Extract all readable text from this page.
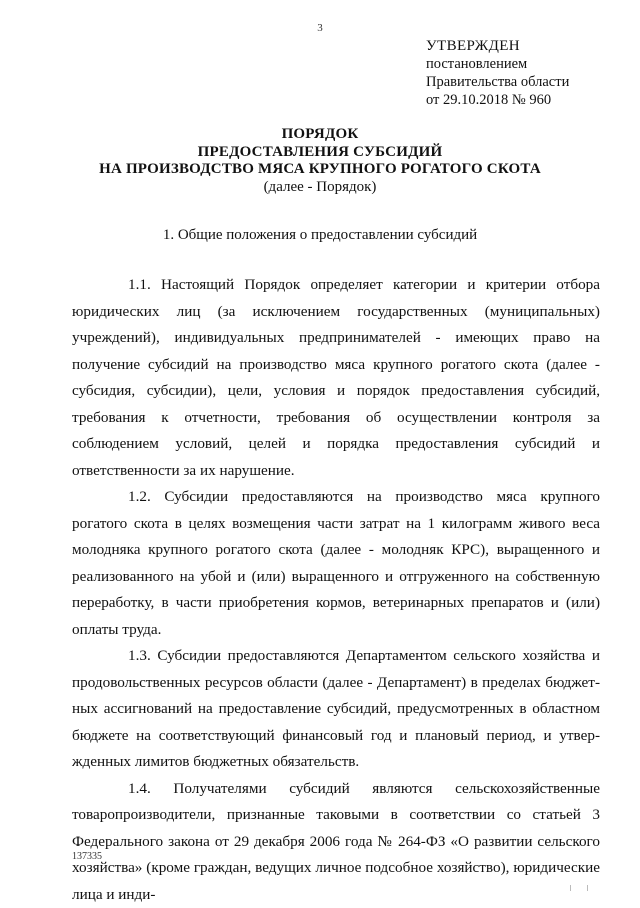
3
УТВЕРЖДЕН
постановлением
Правительства области
от 29.10.2018 № 960
ПОРЯДОК
ПРЕДОСТАВЛЕНИЯ СУБСИДИЙ
НА ПРОИЗВОДСТВО МЯСА КРУПНОГО РОГАТОГО СКОТА
(далее - Порядок)
1. Общие положения о предоставлении субсидий

1.1. Настоящий Порядок определяет категории и критерии отбора юридических лиц (за исключением государственных (муниципальных) учреждений), индивидуальных предпринимателей - имеющих право на получение субсидий на производство мяса крупного рогатого скота (далее - субсидия, субсидии), цели, условия и порядок предоставления субсидий, требования к отчетности, требования об осуществлении контроля за соблюдением условий, целей и порядка предоставления субсидий и ответственности за их нарушение.

1.2. Субсидии предоставляются на производство мяса крупного рогатого скота в целях возмещения части затрат на 1 килограмм живого веса молодняка крупного рогатого скота (далее - молодняк КРС), выращенного и реализованного на убой и (или) выращенного и отгруженного на собственную переработку, в части приобретения кормов, ветеринарных препаратов и (или) оплаты труда.

1.3. Субсидии предоставляются Департаментом сельского хозяйства и продовольственных ресурсов области (далее - Департамент) в пределах бюджетных ассигнований на предоставление субсидий, предусмотренных в областном бюджете на соответствующий финансовый год и плановый период, и утвержденных лимитов бюджетных обязательств.

1.4. Получателями субсидий являются сельскохозяйственные товаропроизводители, признанные таковыми в соответствии со статьей 3 Федерального закона от 29 декабря 2006 года № 264-ФЗ «О развитии сельского хозяйства» (кроме граждан, ведущих личное подсобное хозяйство), юридические лица и инди-

137335
